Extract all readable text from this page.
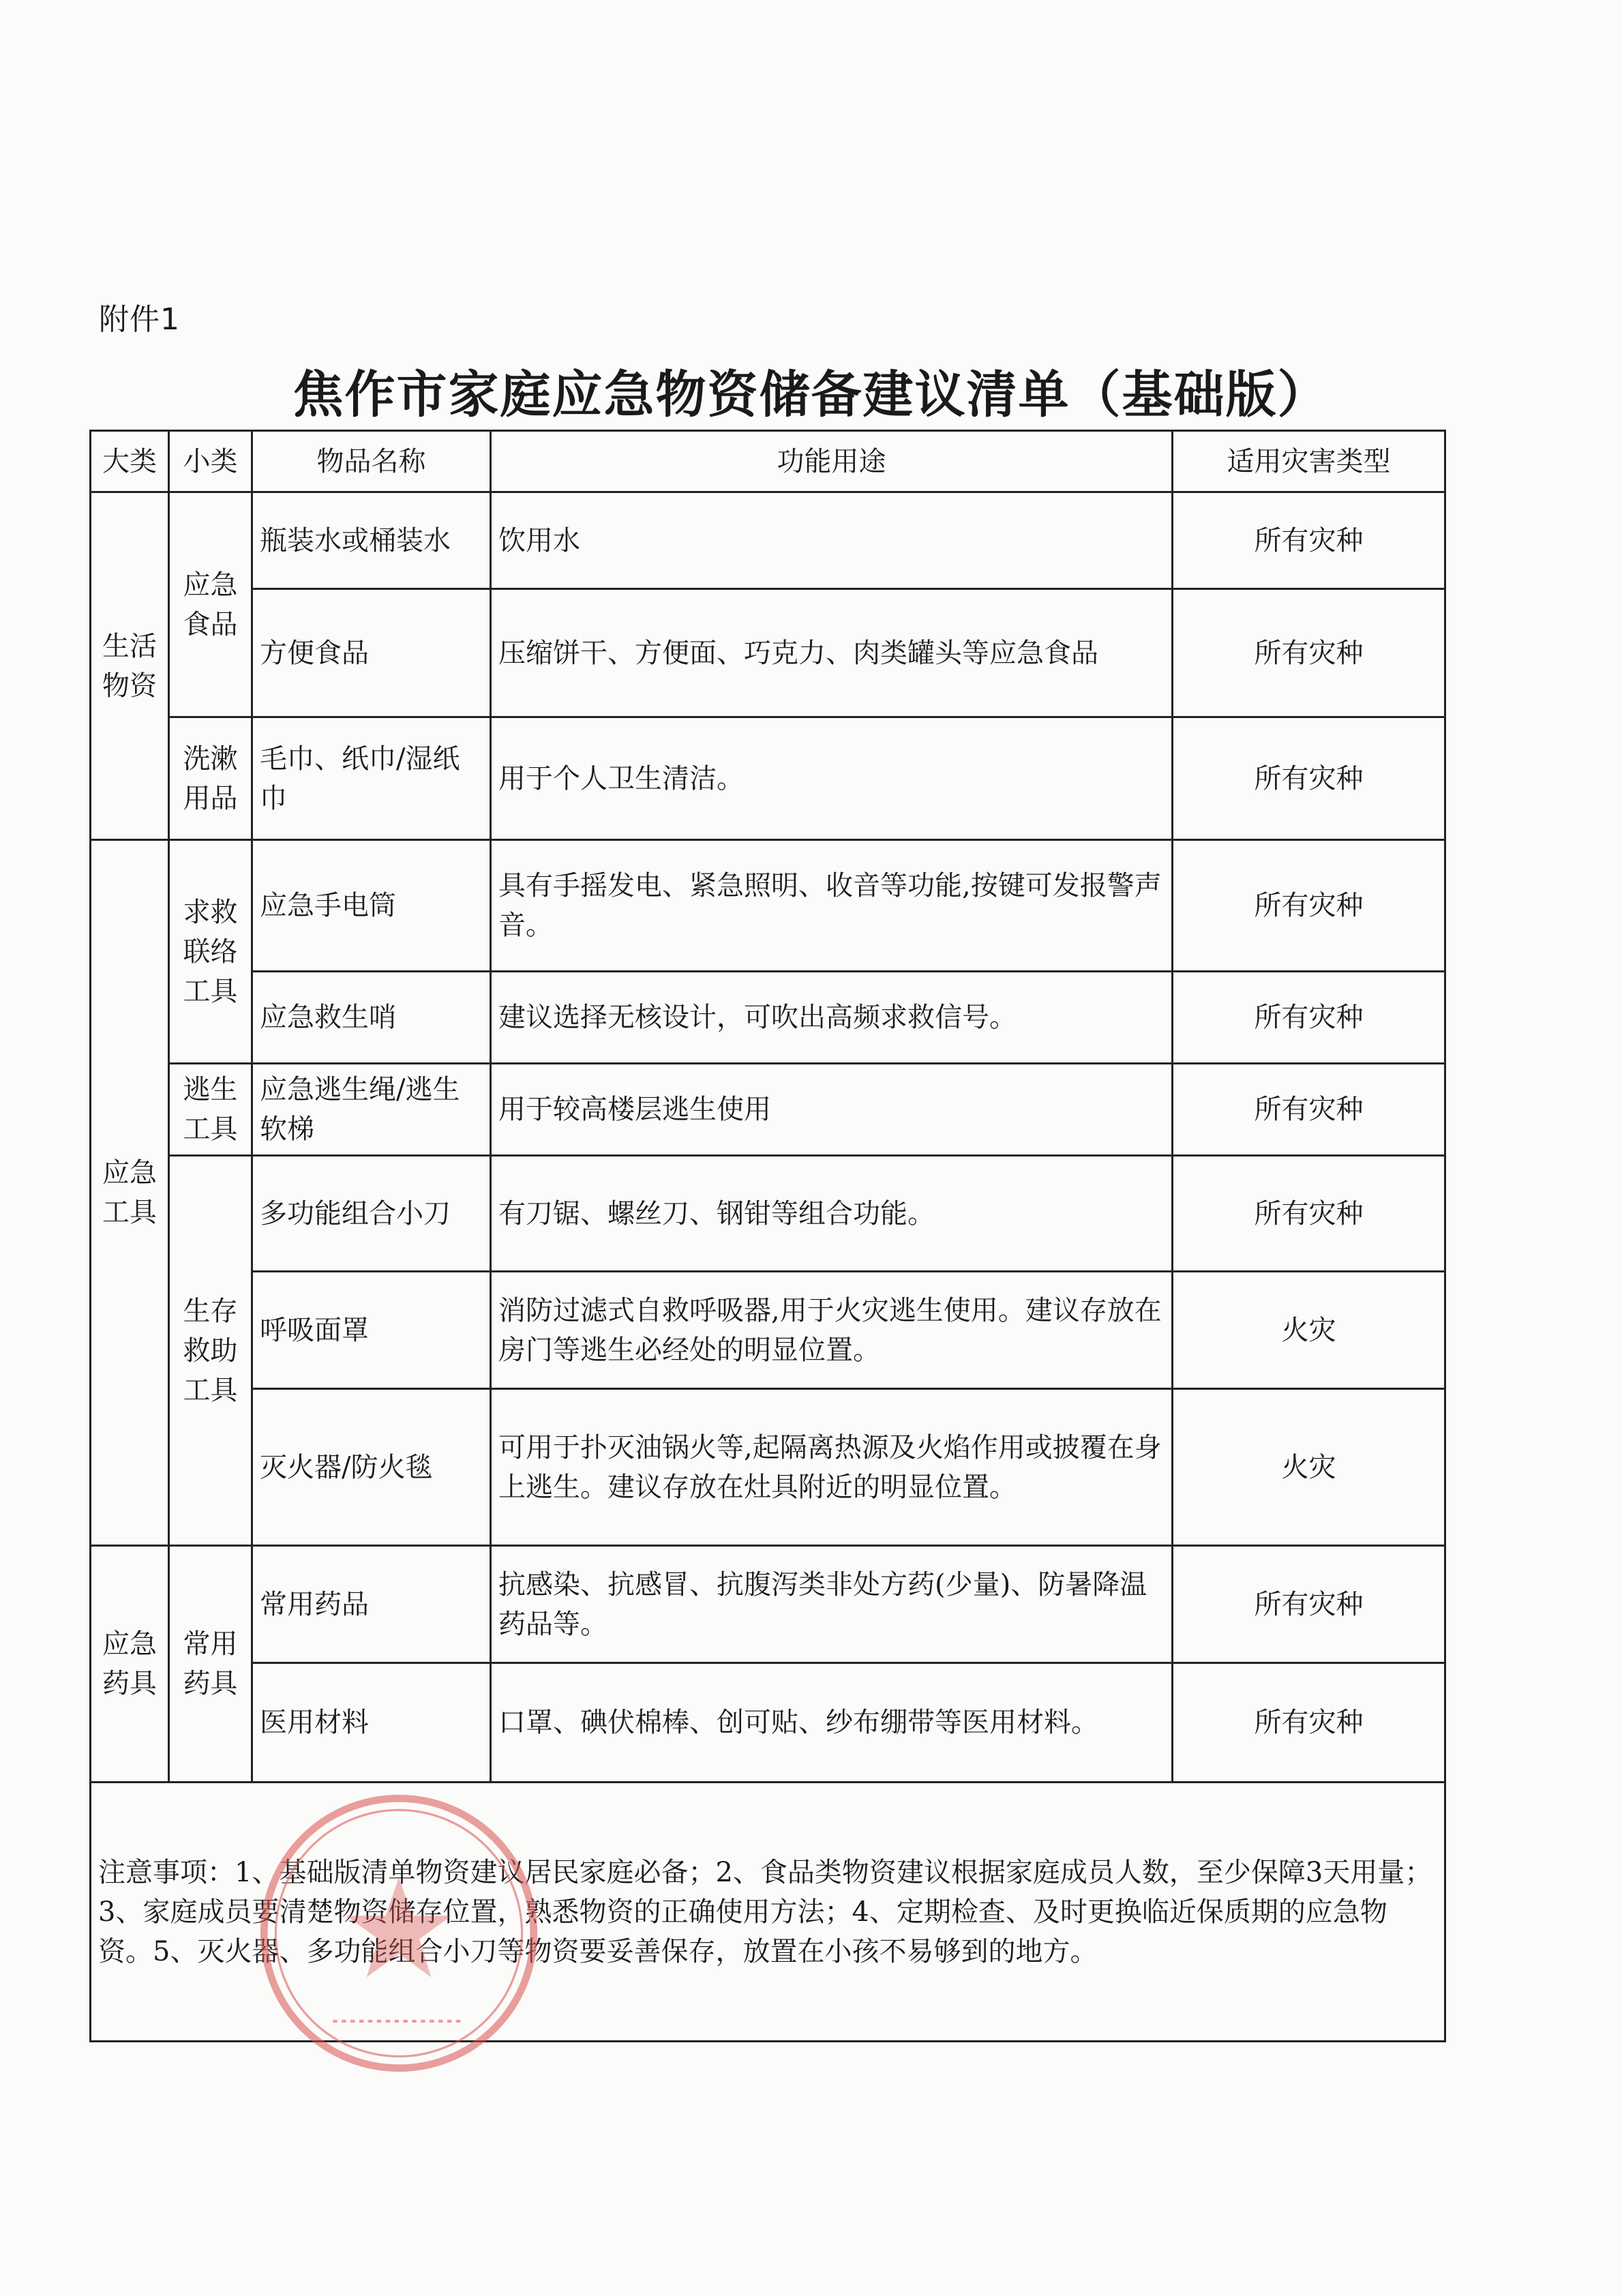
附件1
焦作市家庭应急物资储备建议清单（基础版）
大类	小类	物品名称	功能用途	适用灾害类型
生活物资	应急食品	瓶装水或桶装水	饮用水	所有灾种
		方便食品	压缩饼干、方便面、巧克力、肉类罐头等应急食品	所有灾种
	洗漱用品	毛巾、纸巾/湿纸巾	用于个人卫生清洁。	所有灾种
应急工具	求救联络工具	应急手电筒	具有手摇发电、紧急照明、收音等功能,按键可发报警声音。	所有灾种
		应急救生哨	建议选择无核设计，可吹出高频求救信号。	所有灾种
	逃生工具	应急逃生绳/逃生软梯	用于较高楼层逃生使用	所有灾种
	生存救助工具	多功能组合小刀	有刀锯、螺丝刀、钢钳等组合功能。	所有灾种
		呼吸面罩	消防过滤式自救呼吸器,用于火灾逃生使用。建议存放在房门等逃生必经处的明显位置。	火灾
		灭火器/防火毯	可用于扑灭油锅火等,起隔离热源及火焰作用或披覆在身上逃生。建议存放在灶具附近的明显位置。	火灾
应急药具	常用药具	常用药品	抗感染、抗感冒、抗腹泻类非处方药(少量)、防暑降温药品等。	所有灾种
		医用材料	口罩、碘伏棉棒、创可贴、纱布绷带等医用材料。	所有灾种
注意事项：1、基础版清单物资建议居民家庭必备；2、食品类物资建议根据家庭成员人数，至少保障3天用量；3、家庭成员要清楚物资储存位置，熟悉物资的正确使用方法；4、定期检查、及时更换临近保质期的应急物资。5、灭火器、多功能组合小刀等物资要妥善保存，放置在小孩不易够到的地方。				
